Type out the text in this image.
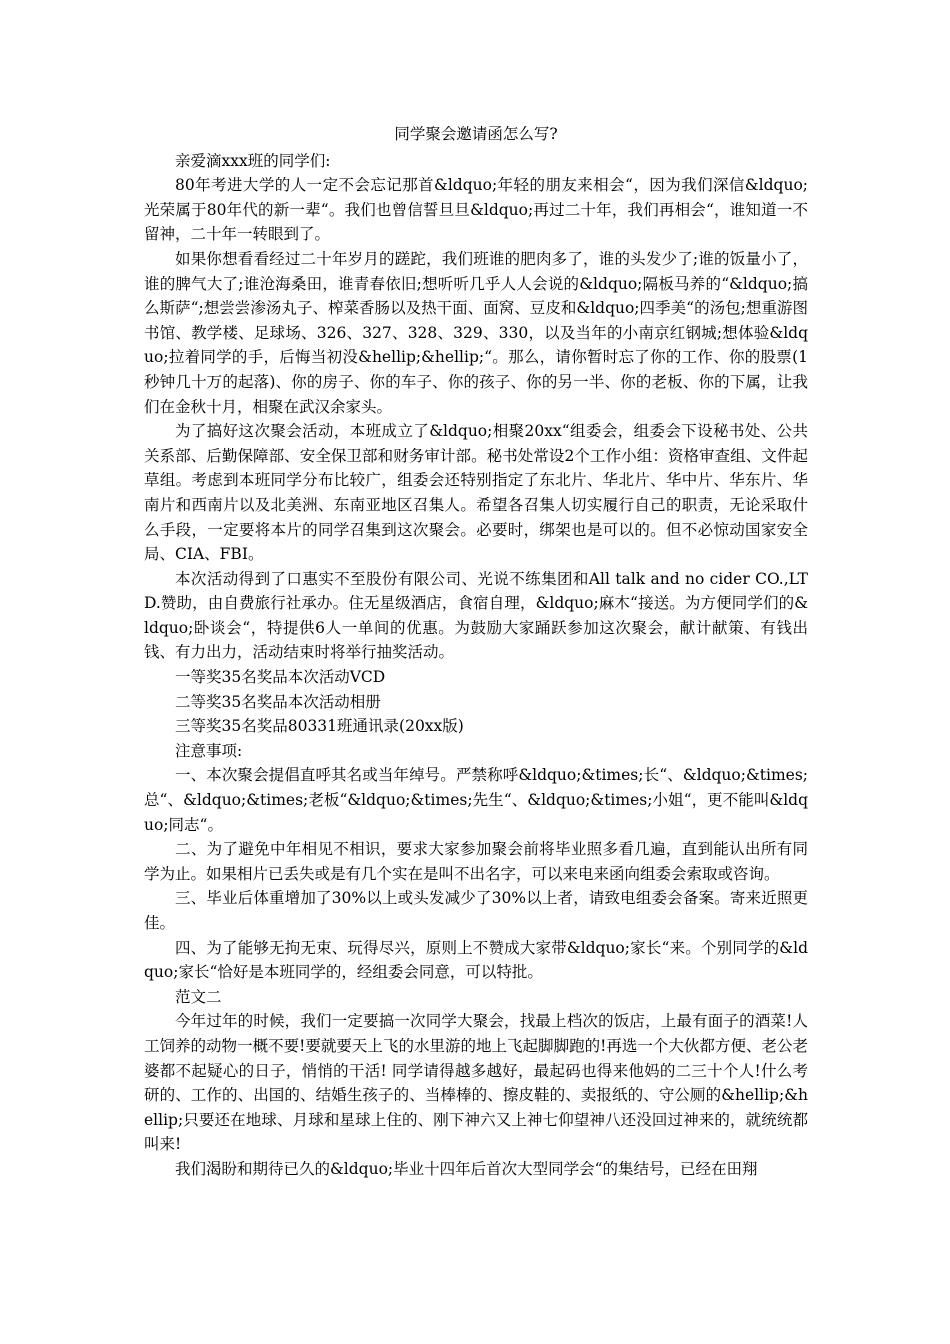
同学聚会邀请函怎么写?

亲爱滴xxx班的同学们:

80年考进大学的人一定不会忘记那首&ldquo;年轻的朋友来相会“，因为我们深信&ldquo;光荣属于80年代的新一辈“。我们也曾信誓旦旦&ldquo;再过二十年，我们再相会“，谁知道一不留神，二十年一转眼到了。

如果你想看看经过二十年岁月的蹉跎，我们班谁的肥肉多了，谁的头发少了;谁的饭量小了，谁的脾气大了;谁沧海桑田，谁青春依旧;想听听几乎人人会说的&ldquo;隔板马养的“&ldquo;搞么斯萨“;想尝尝渗汤丸子、榨菜香肠以及热干面、面窝、豆皮和&ldquo;四季美“的汤包;想重游图书馆、教学楼、足球场、326、327、328、329、330，以及当年的小南京红钢城;想体验&ldquo;拉着同学的手，后悔当初没&hellip;&hellip;“。那么，请你暂时忘了你的工作、你的股票(1秒钟几十万的起落)、你的房子、你的车子、你的孩子、你的另一半、你的老板、你的下属，让我们在金秋十月，相聚在武汉余家头。

为了搞好这次聚会活动，本班成立了&ldquo;相聚20xx“组委会，组委会下设秘书处、公共关系部、后勤保障部、安全保卫部和财务审计部。秘书处常设2个工作小组：资格审查组、文件起草组。考虑到本班同学分布比较广，组委会还特别指定了东北片、华北片、华中片、华东片、华南片和西南片以及北美洲、东南亚地区召集人。希望各召集人切实履行自己的职责，无论采取什么手段，一定要将本片的同学召集到这次聚会。必要时，绑架也是可以的。但不必惊动国家安全局、CIA、FBI。

本次活动得到了口惠实不至股份有限公司、光说不练集团和All talk and no cider CO.,LTD.赞助，由自费旅行社承办。住无星级酒店，食宿自理，&ldquo;麻木“接送。为方便同学们的&ldquo;卧谈会“，特提供6人一单间的优惠。为鼓励大家踊跃参加这次聚会，献计献策、有钱出钱、有力出力，活动结束时将举行抽奖活动。

一等奖35名奖品本次活动VCD

二等奖35名奖品本次活动相册

三等奖35名奖品80331班通讯录(20xx版)

注意事项:

一、本次聚会提倡直呼其名或当年绰号。严禁称呼&ldquo;&times;长“、&ldquo;&times;总“、&ldquo;&times;老板“&ldquo;&times;先生“、&ldquo;&times;小姐“，更不能叫&ldquo;同志“。

二、为了避免中年相见不相识，要求大家参加聚会前将毕业照多看几遍，直到能认出所有同学为止。如果相片已丢失或是有几个实在是叫不出名字，可以来电来函向组委会索取或咨询。

三、毕业后体重增加了30%以上或头发减少了30%以上者，请致电组委会备案。寄来近照更佳。

四、为了能够无拘无束、玩得尽兴，原则上不赞成大家带&ldquo;家长“来。个别同学的&ldquo;家长“恰好是本班同学的，经组委会同意，可以特批。

范文二

今年过年的时候，我们一定要搞一次同学大聚会，找最上档次的饭店，上最有面子的酒菜!人工饲养的动物一概不要!要就要天上飞的水里游的地上飞起脚脚跑的!再选一个大伙都方便、老公老婆都不起疑心的日子，悄悄的干活! 同学请得越多越好，最起码也得来他妈的二三十个人!什么考研的、工作的、出国的、结婚生孩子的、当棒棒的、擦皮鞋的、卖报纸的、守公厕的&hellip;&hellip;只要还在地球、月球和星球上住的、刚下神六又上神七仰望神八还没回过神来的，就统统都叫来!

我们渴盼和期待已久的&ldquo;毕业十四年后首次大型同学会“的集结号，已经在田翔
